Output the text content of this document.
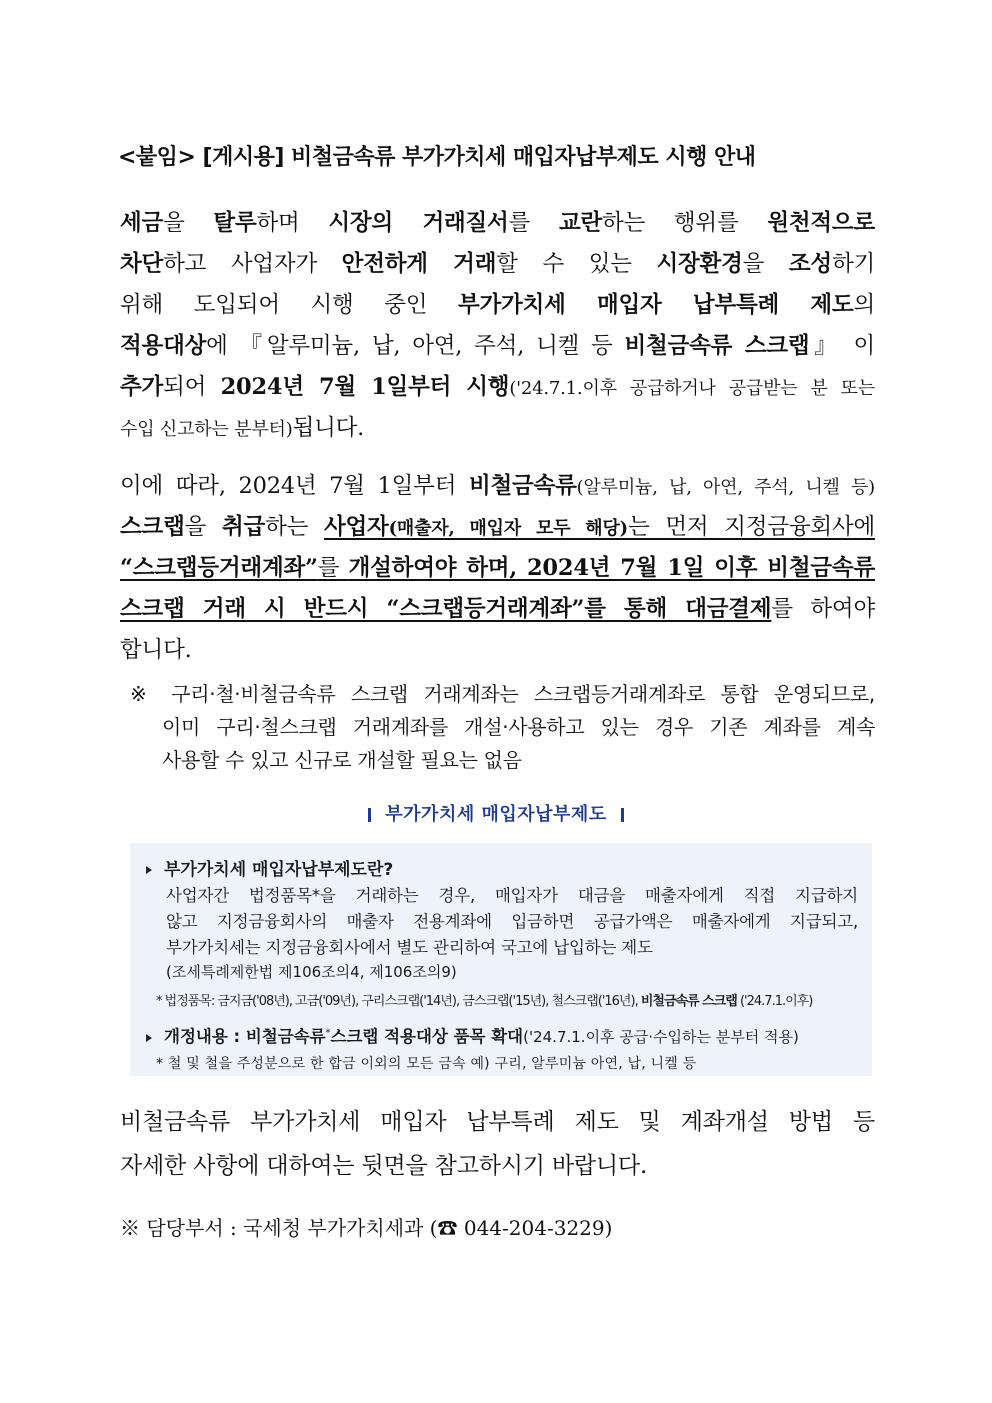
<붙임> [게시용] 비철금속류 부가가치세 매입자납부제도 시행 안내
세금을 탈루하며 시장의 거래질서를 교란하는 행위를 원천적으로
차단하고 사업자가 안전하게 거래할 수 있는 시장환경을 조성하기
위해 도입되어 시행 중인 부가가치세 매입자 납부특례 제도의
적용대상에 『알루미늄, 납, 아연, 주석, 니켈 등 비철금속류 스크랩』 이
추가되어 2024년 7월 1일부터 시행('24.7.1.이후 공급하거나 공급받는 분 또는
수입 신고하는 분부터)됩니다.
이에 따라, 2024년 7월 1일부터 비철금속류(알루미늄, 납, 아연, 주석, 니켈 등)
스크랩을 취급하는 사업자(매출자, 매입자 모두 해당)는 먼저 지정금융회사에
“스크랩등거래계좌”를 개설하여야 하며, 2024년 7월 1일 이후 비철금속류
스크랩 거래 시 반드시 “스크랩등거래계좌”를 통해 대금결제를 하여야
합니다.
※ 구리·철·비철금속류 스크랩 거래계좌는 스크랩등거래계좌로 통합 운영되므로,
이미 구리·철스크랩 거래계좌를 개설·사용하고 있는 경우 기존 계좌를 계속
사용할 수 있고 신규로 개설할 필요는 없음
부가가치세 매입자납부제도
부가가치세 매입자납부제도란?
사업자간 법정품목*을 거래하는 경우, 매입자가 대금을 매출자에게 직접 지급하지
않고 지정금융회사의 매출자 전용계좌에 입금하면 공급가액은 매출자에게 지급되고,
부가가치세는 지정금융회사에서 별도 관리하여 국고에 납입하는 제도
(조세특례제한법 제106조의4, 제106조의9)
* 법정품목: 금지금('08년), 고금('09년), 구리스크랩('14년), 금스크랩('15년), 철스크랩('16년), 비철금속류 스크랩 ('24.7.1.이후)
개정내용 : 비철금속류*스크랩 적용대상 품목 확대('24.7.1.이후 공급·수입하는 분부터 적용)
* 철 및 철을 주성분으로 한 합금 이외의 모든 금속 예) 구리, 알루미늄 아연, 납, 니켈 등
비철금속류 부가가치세 매입자 납부특례 제도 및 계좌개설 방법 등
자세한 사항에 대하여는 뒷면을 참고하시기 바랍니다.
※ 담당부서 : 국세청 부가가치세과 (☎ 044-204-3229)
